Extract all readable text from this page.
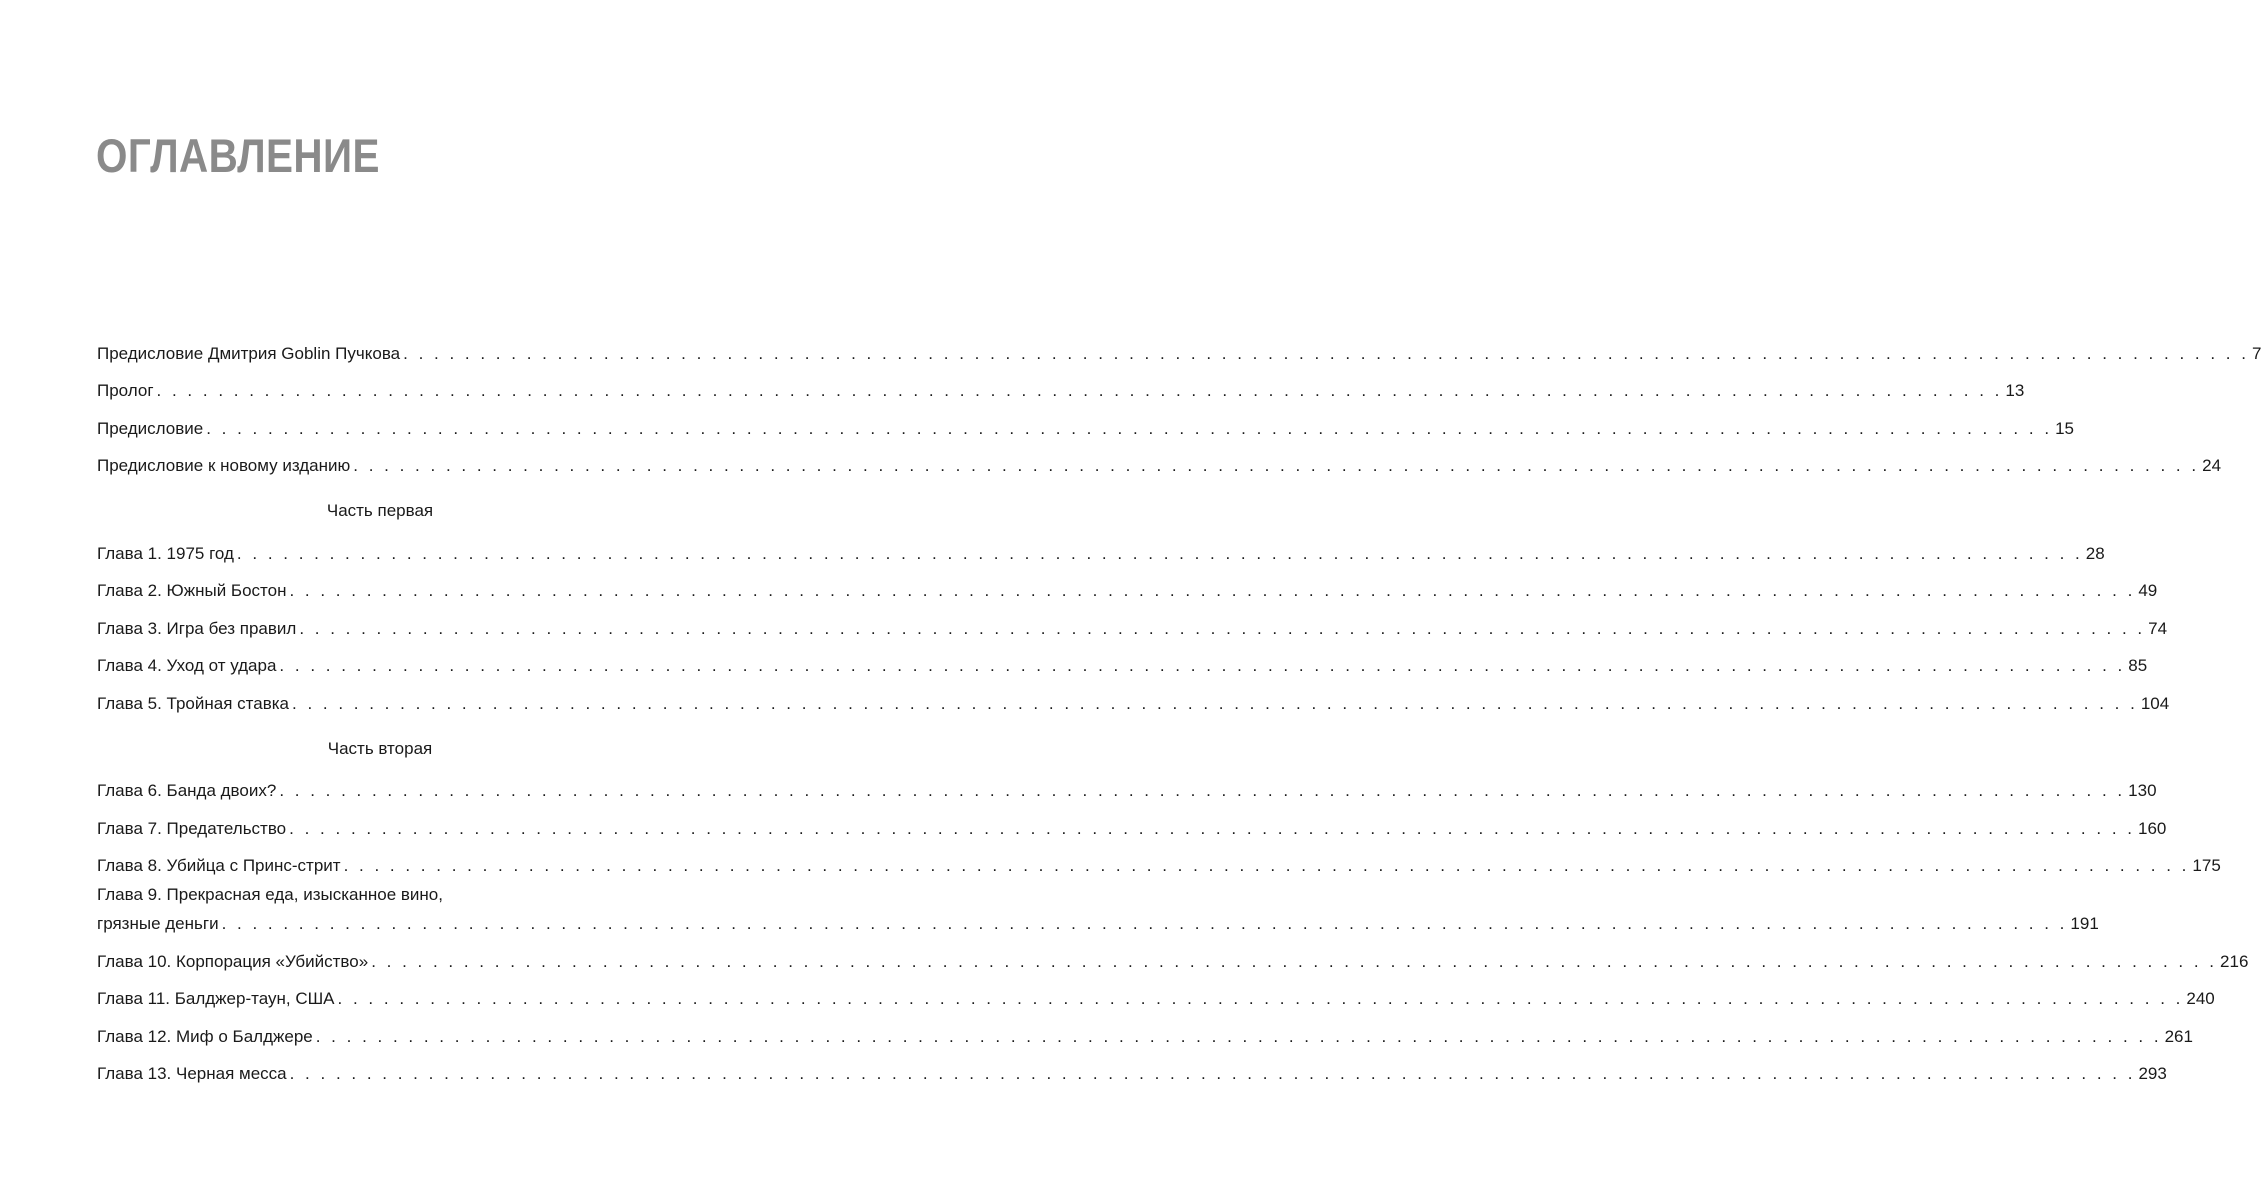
ОГЛАВЛЕНИЕ
Предисловие Дмитрия Goblin Пучкова . . . . . . . . . . . . . . . . . . . . . . . . . . . . . . . . . . . . . . . . . . . . . . . . . . . . . . . . . . . . . . . . . . . . . . . . . . . . . . . . . . . . . . . . . . . . . . . . . . . . . . . . . . . . . . . . . . . . . . . . 7
Пролог . . . . . . . . . . . . . . . . . . . . . . . . . . . . . . . . . . . . . . . . . . . . . . . . . . . . . . . . . . . . . . . . . . . . . . . . . . . . . . . . . . . . . . . . . . . . . . . . . . . . . . . . . . . . . . . . . . . . . . . . 13
Предисловие . . . . . . . . . . . . . . . . . . . . . . . . . . . . . . . . . . . . . . . . . . . . . . . . . . . . . . . . . . . . . . . . . . . . . . . . . . . . . . . . . . . . . . . . . . . . . . . . . . . . . . . . . . . . . . . . . . . . . . . . 15
Предисловие к новому изданию . . . . . . . . . . . . . . . . . . . . . . . . . . . . . . . . . . . . . . . . . . . . . . . . . . . . . . . . . . . . . . . . . . . . . . . . . . . . . . . . . . . . . . . . . . . . . . . . . . . . . . . . . . . . . . . . . . . . . . . . 24
Часть первая
Глава 1. 1975 год . . . . . . . . . . . . . . . . . . . . . . . . . . . . . . . . . . . . . . . . . . . . . . . . . . . . . . . . . . . . . . . . . . . . . . . . . . . . . . . . . . . . . . . . . . . . . . . . . . . . . . . . . . . . . . . . . . . . . . . . 28
Глава 2. Южный Бостон . . . . . . . . . . . . . . . . . . . . . . . . . . . . . . . . . . . . . . . . . . . . . . . . . . . . . . . . . . . . . . . . . . . . . . . . . . . . . . . . . . . . . . . . . . . . . . . . . . . . . . . . . . . . . . . . . . . . . . . . 49
Глава 3. Игра без правил . . . . . . . . . . . . . . . . . . . . . . . . . . . . . . . . . . . . . . . . . . . . . . . . . . . . . . . . . . . . . . . . . . . . . . . . . . . . . . . . . . . . . . . . . . . . . . . . . . . . . . . . . . . . . . . . . . . . . . . . 74
Глава 4. Уход от удара . . . . . . . . . . . . . . . . . . . . . . . . . . . . . . . . . . . . . . . . . . . . . . . . . . . . . . . . . . . . . . . . . . . . . . . . . . . . . . . . . . . . . . . . . . . . . . . . . . . . . . . . . . . . . . . . . . . . . . . . 85
Глава 5. Тройная ставка . . . . . . . . . . . . . . . . . . . . . . . . . . . . . . . . . . . . . . . . . . . . . . . . . . . . . . . . . . . . . . . . . . . . . . . . . . . . . . . . . . . . . . . . . . . . . . . . . . . . . . . . . . . . . . . . . . . . . . . . 104
Часть вторая
Глава 6. Банда двоих? . . . . . . . . . . . . . . . . . . . . . . . . . . . . . . . . . . . . . . . . . . . . . . . . . . . . . . . . . . . . . . . . . . . . . . . . . . . . . . . . . . . . . . . . . . . . . . . . . . . . . . . . . . . . . . . . . . . . . . . . 130
Глава 7. Предательство . . . . . . . . . . . . . . . . . . . . . . . . . . . . . . . . . . . . . . . . . . . . . . . . . . . . . . . . . . . . . . . . . . . . . . . . . . . . . . . . . . . . . . . . . . . . . . . . . . . . . . . . . . . . . . . . . . . . . . . . 160
Глава 8. Убийца с Принс-стрит . . . . . . . . . . . . . . . . . . . . . . . . . . . . . . . . . . . . . . . . . . . . . . . . . . . . . . . . . . . . . . . . . . . . . . . . . . . . . . . . . . . . . . . . . . . . . . . . . . . . . . . . . . . . . . . . . . . . . . . . 175
Глава 9. Прекрасная еда, изысканное вино,
грязные деньги . . . . . . . . . . . . . . . . . . . . . . . . . . . . . . . . . . . . . . . . . . . . . . . . . . . . . . . . . . . . . . . . . . . . . . . . . . . . . . . . . . . . . . . . . . . . . . . . . . . . . . . . . . . . . . . . . . . . . . . . 191
Глава 10. Корпорация «Убийство» . . . . . . . . . . . . . . . . . . . . . . . . . . . . . . . . . . . . . . . . . . . . . . . . . . . . . . . . . . . . . . . . . . . . . . . . . . . . . . . . . . . . . . . . . . . . . . . . . . . . . . . . . . . . . . . . . . . . . . . . 216
Глава 11. Балджер-таун, США . . . . . . . . . . . . . . . . . . . . . . . . . . . . . . . . . . . . . . . . . . . . . . . . . . . . . . . . . . . . . . . . . . . . . . . . . . . . . . . . . . . . . . . . . . . . . . . . . . . . . . . . . . . . . . . . . . . . . . . . 240
Глава 12. Миф о Балджере . . . . . . . . . . . . . . . . . . . . . . . . . . . . . . . . . . . . . . . . . . . . . . . . . . . . . . . . . . . . . . . . . . . . . . . . . . . . . . . . . . . . . . . . . . . . . . . . . . . . . . . . . . . . . . . . . . . . . . . . 261
Глава 13. Черная месса . . . . . . . . . . . . . . . . . . . . . . . . . . . . . . . . . . . . . . . . . . . . . . . . . . . . . . . . . . . . . . . . . . . . . . . . . . . . . . . . . . . . . . . . . . . . . . . . . . . . . . . . . . . . . . . . . . . . . . . . 293
